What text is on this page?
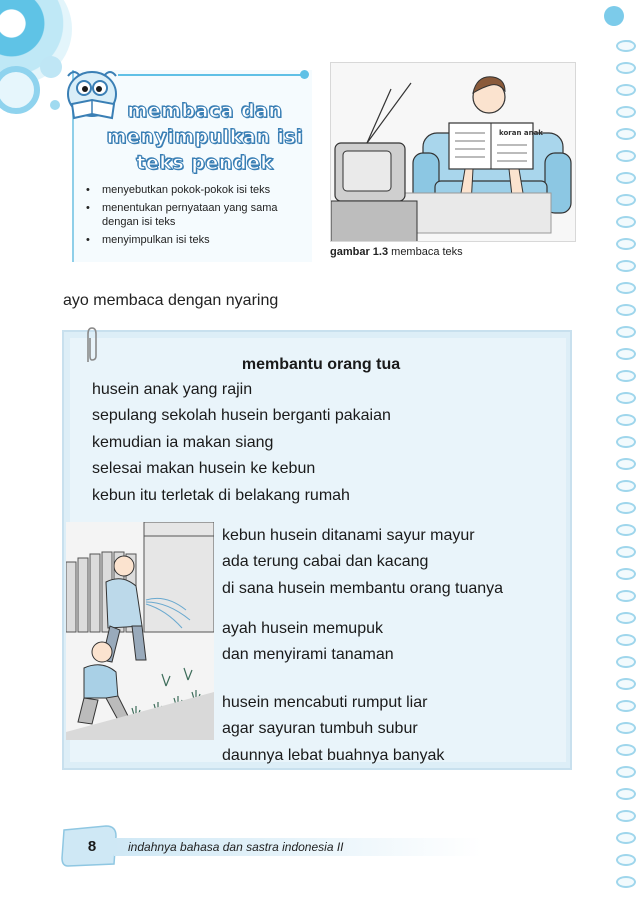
membaca dan
menyimpulkan isi
teks pendek
• menyebutkan pokok-pokok isi teks
• menentukan pernyataan yang sama dengan isi teks
• menyimpulkan isi teks
koran anak
gambar 1.3 membaca teks
ayo membaca dengan nyaring
membantu orang tua
husein anak yang rajin
sepulang sekolah husein berganti pakaian
kemudian ia makan siang
selesai makan husein ke kebun
kebun itu terletak di belakang rumah
kebun husein ditanami sayur mayur
ada terung cabai dan kacang
di sana husein membantu orang tuanya
ayah husein memupuk
dan menyirami tanaman
husein mencabuti rumput liar
agar sayuran tumbuh subur
daunnya lebat buahnya banyak
8	indahnya bahasa dan sastra indonesia II
